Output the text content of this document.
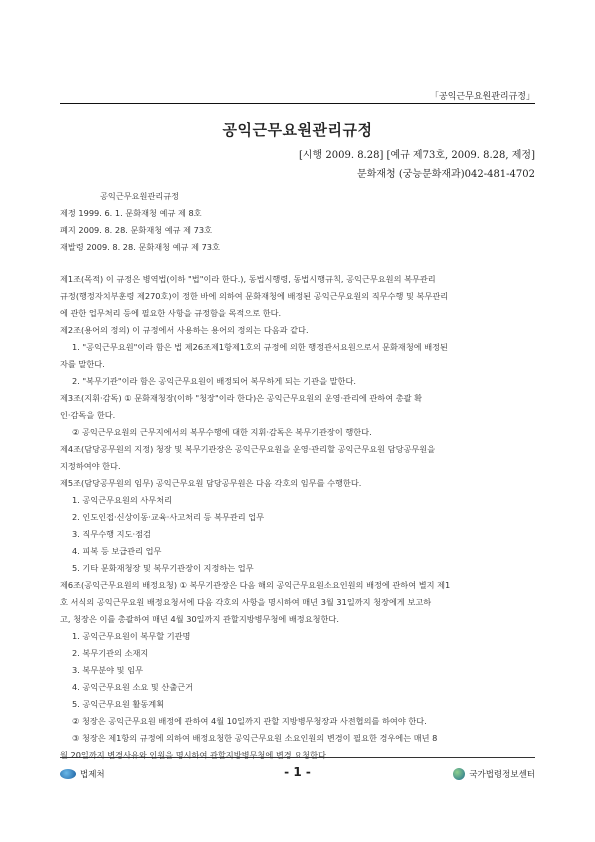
「공익근무요원관리규정」
공익근무요원관리규정
[시행 2009. 8.28] [예규 제73호, 2009. 8.28, 제정]
문화재청 (궁능문화재과)042-481-4702
공익근무요원관리규정
제정 1999. 6. 1. 문화재청 예규 제 8호
폐지 2009. 8. 28. 문화재청 예규 제 73호
재발령 2009. 8. 28. 문화재청 예규 제 73호

제1조(목적) 이 규정은 병역법(이하 "법"이라 한다.), 동법시행령, 동법시행규칙, 공익근무요원의 복무관리

규정(행정자치부훈령 제270호)이 정한 바에 의하여 문화재청에 배정된 공익근무요원의 직무수행 및 복무관리

에 관한 업무처리 등에 필요한 사항을 규정함을 목적으로 한다.

제2조(용어의 정의) 이 규정에서 사용하는 용어의 정의는 다음과 같다.

1. "공익근무요원"이라 함은 법 제26조제1항제1호의 규정에 의한 행정관서요원으로서 문화재청에 배정된

자를 말한다.

2. "복무기관"이라 함은 공익근무요원이 배정되어 복무하게 되는 기관을 말한다.

제3조(지휘·감독) ① 문화재청장(이하 "청장"이라 한다)은 공익근무요원의 운영·관리에 관하여 총괄 확

인·감독을 한다.

② 공익근무요원의 근무지에서의 복무수행에 대한 지휘·감독은 복무기관장이 행한다.

제4조(담당공무원의 지정) 청장 및 복무기관장은 공익근무요원을 운영·관리할 공익근무요원 담당공무원을

지정하여야 한다.

제5조(담당공무원의 임무) 공익근무요원 담당공무원은 다음 각호의 임무를 수행한다.

1. 공익근무요원의 사무처리

2. 인도인접·신상이동·교육·사고처리 등 복무관리 업무

3. 직무수행 지도·점검

4. 피복 등 보급관리 업무

5. 기타 문화재청장 및 복무기관장이 지정하는 업무

제6조(공익근무요원의 배정요청) ① 복무기관장은 다음 해의 공익근무요원소요인원의 배정에 관하여 별지 제1

호 서식의 공익근무요원 배정요청서에 다음 각호의 사항을 명시하여 매년 3월 31일까지 청장에게 보고하

고, 청장은 이를 총괄하여 매년 4월 30일까지 관할지방병무청에 배정요청한다.

1. 공익근무요원이 복무할 기관명

2. 복무기관의 소재지

3. 복무분야 및 임무

4. 공익근무요원 소요 및 산출근거

5. 공익근무요원 활동계획

② 청장은 공익근무요원 배정에 관하여 4월 10일까지 관할 지방병무청장과 사전협의를 하여야 한다.

③ 청장은 제1항의 규정에 의하여 배정요청한 공익근무요원 소요인원의 변경이 필요한 경우에는 매년 8

월 20일까지 변경사유와 인원을 명시하여 관할지방병무청에 변경 요청한다.

법제처	- 1 -	국가법령정보센터
